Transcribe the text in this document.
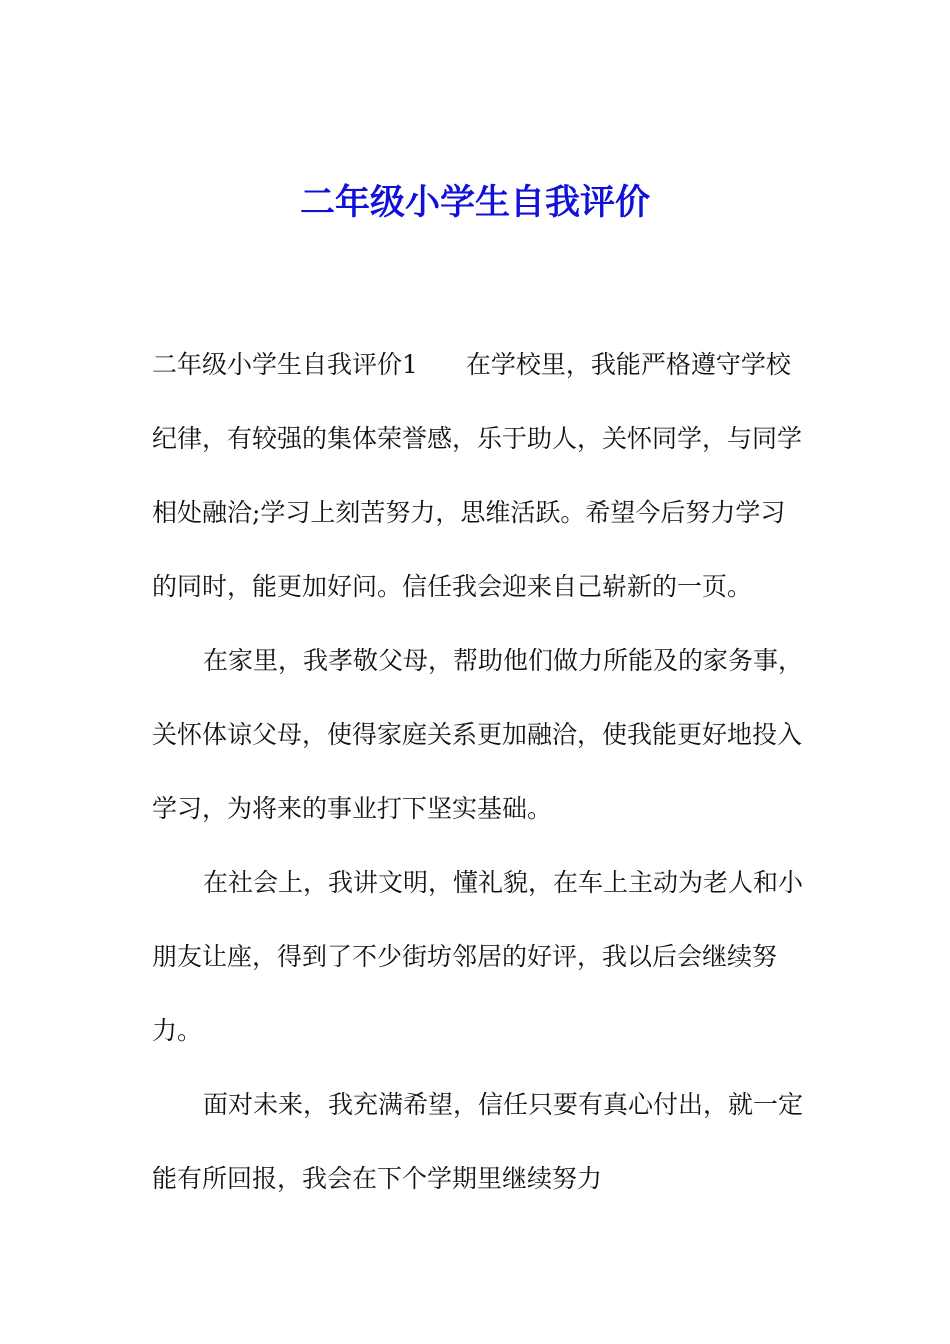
二年级小学生自我评价

二年级小学生自我评价1 在学校里，我能严格遵守学校纪律，有较强的集体荣誉感，乐于助人，关怀同学，与同学相处融洽;学习上刻苦努力，思维活跃。希望今后努力学习的同时，能更加好问。信任我会迎来自己崭新的一页。

在家里，我孝敬父母，帮助他们做力所能及的家务事，关怀体谅父母，使得家庭关系更加融洽，使我能更好地投入学习，为将来的事业打下坚实基础。

在社会上，我讲文明，懂礼貌，在车上主动为老人和小朋友让座，得到了不少街坊邻居的好评，我以后会继续努力。

面对未来，我充满希望，信任只要有真心付出，就一定能有所回报，我会在下个学期里继续努力
